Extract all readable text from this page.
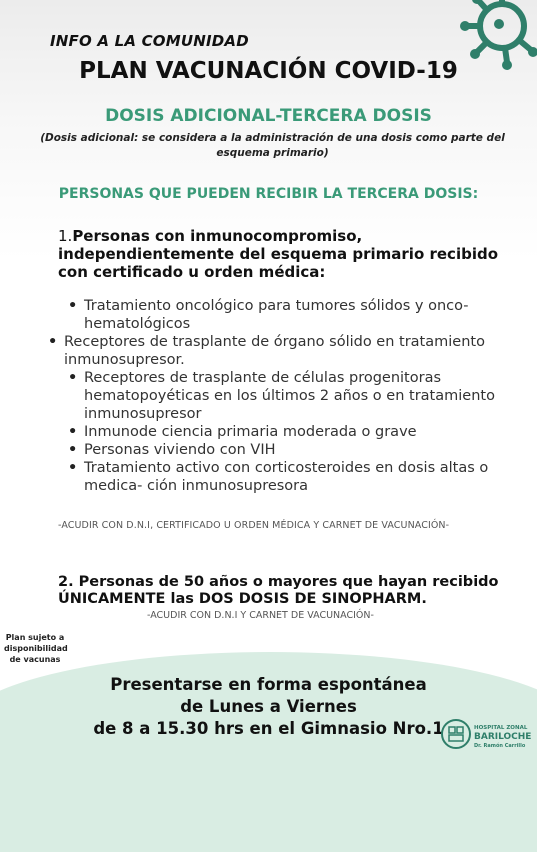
INFO A LA COMUNIDAD
PLAN VACUNACIÓN COVID-19
DOSIS ADICIONAL-TERCERA DOSIS
(Dosis adicional: se considera a la administración de una dosis como parte del esquema primario)
PERSONAS QUE PUEDEN RECIBIR LA TERCERA DOSIS:
1.Personas con inmunocompromiso, independientemente del esquema primario recibido con certificado u orden médica:
• Tratamiento oncológico para tumores sólidos y onco-hematológicos
• Receptores de trasplante de órgano sólido en tratamiento inmunosupresor.
• Receptores de trasplante de células progenitoras hematopoyéticas en los últimos 2 años o en tratamiento inmunosupresor
• Inmunode ciencia primaria moderada o grave
• Personas viviendo con VIH
• Tratamiento activo con corticosteroides en dosis altas o medica- ción inmunosupresora
-ACUDIR CON D.N.I, CERTIFICADO U ORDEN MÉDICA Y CARNET DE VACUNACIÓN-
2. Personas de 50 años o mayores que hayan recibido ÚNICAMENTE las DOS DOSIS DE SINOPHARM.
-ACUDIR CON D.N.I Y CARNET DE VACUNACIÓN-
Plan sujeto a disponibilidad de vacunas
Presentarse en forma espontánea
de Lunes a Viernes
de 8 a 15.30 hrs en el Gimnasio Nro.1	HOSPITAL ZONAL
BARILOCHE
Dr. Ramón Carrillo
